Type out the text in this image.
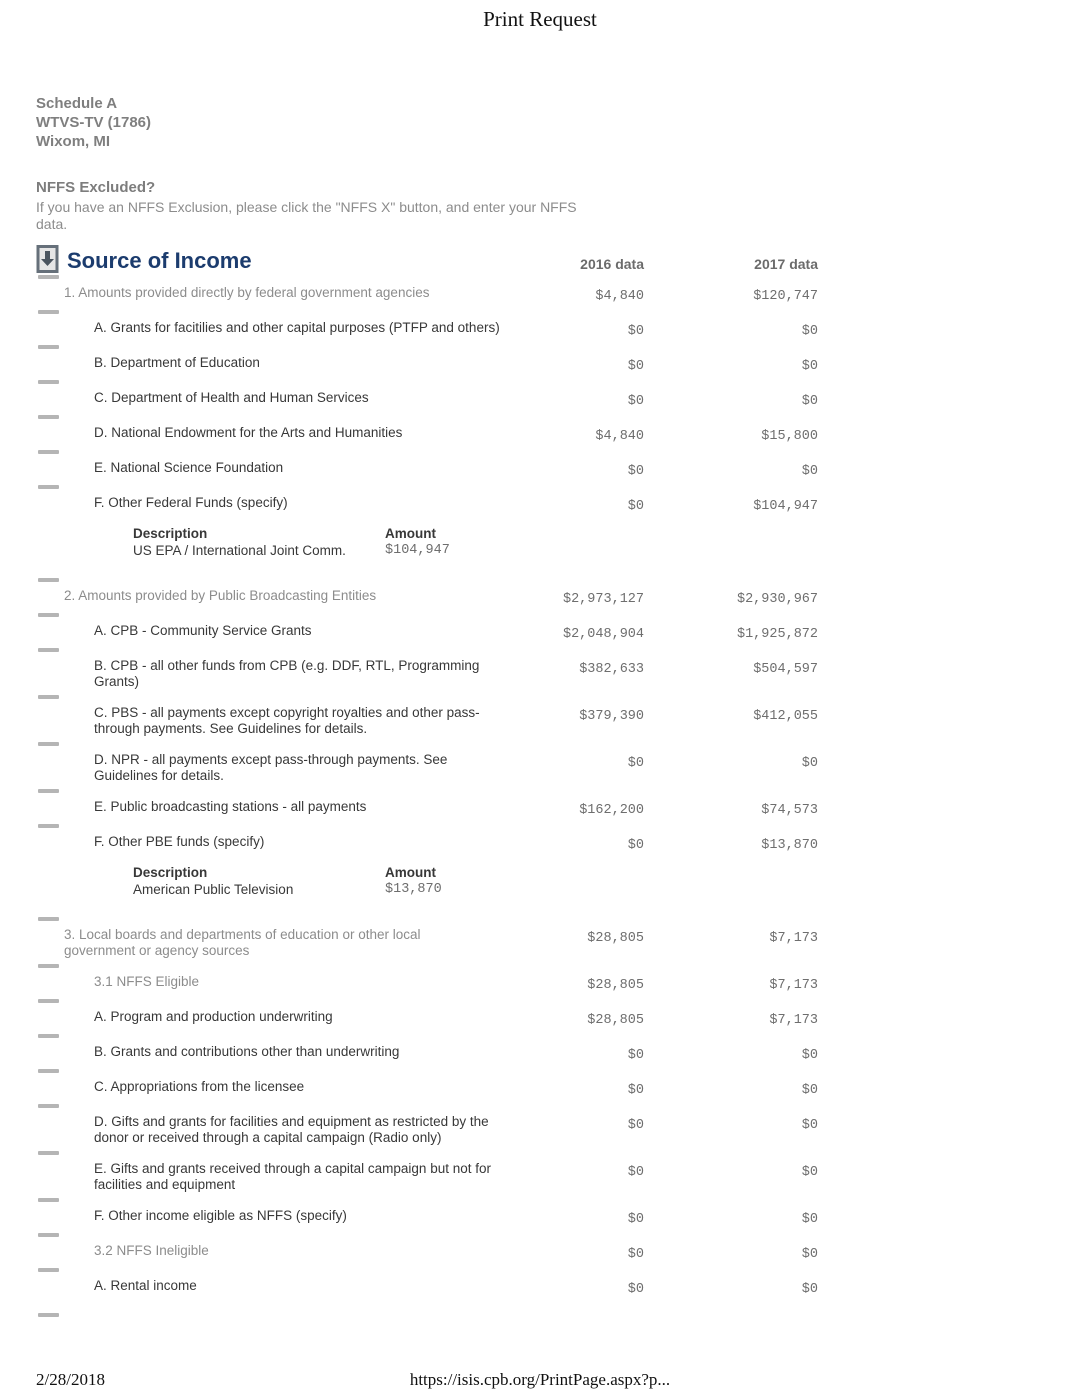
Print Request
Schedule A
WTVS-TV (1786)
Wixom, MI

NFFS Excluded?

If you have an NFFS Exclusion, please click the "NFFS X" button, and enter your NFFS data.

Source of Income	2016 data	2017 data
1. Amounts provided directly by federal government agencies	$4,840	$120,747
A. Grants for facitilies and other capital purposes (PTFP and others)	$0	$0
B. Department of Education	$0	$0
C. Department of Health and Human Services	$0	$0
D. National Endowment for the Arts and Humanities	$4,840	$15,800
E. National Science Foundation	$0	$0
F. Other Federal Funds (specify)	$0	$104,947
Description	Amount
US EPA / International Joint Comm.	$104,947
2. Amounts provided by Public Broadcasting Entities	$2,973,127	$2,930,967
A. CPB - Community Service Grants	$2,048,904	$1,925,872
B. CPB - all other funds from CPB (e.g. DDF, RTL, Programming Grants)
$382,633	$504,597
C. PBS - all payments except copyright royalties and other pass-through payments. See Guidelines for details.
$379,390	$412,055
D. NPR - all payments except pass-through payments. See Guidelines for details.
$0	$0
E. Public broadcasting stations - all payments	$162,200	$74,573
F. Other PBE funds (specify)	$0	$13,870
Description	Amount
American Public Television	$13,870
3. Local boards and departments of education or other local government or agency sources
$28,805	$7,173
3.1 NFFS Eligible	$28,805	$7,173
A. Program and production underwriting	$28,805	$7,173
B. Grants and contributions other than underwriting	$0	$0
C. Appropriations from the licensee	$0	$0
D. Gifts and grants for facilities and equipment as restricted by the donor or received through a capital campaign (Radio only)
$0	$0
E. Gifts and grants received through a capital campaign but not for facilities and equipment
$0	$0
F. Other income eligible as NFFS (specify)	$0	$0
3.2 NFFS Ineligible	$0	$0
A. Rental income	$0	$0
2/28/2018	https://isis.cpb.org/PrintPage.aspx?p...
